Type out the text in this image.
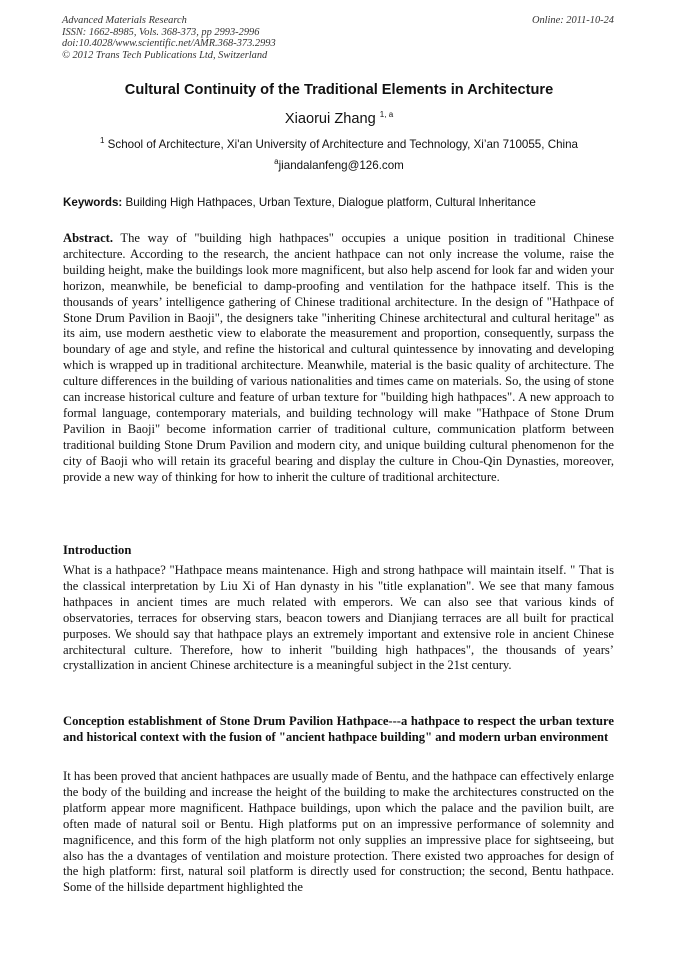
Advanced Materials Research
ISSN: 1662-8985, Vols. 368-373, pp 2993-2996
doi:10.4028/www.scientific.net/AMR.368-373.2993
© 2012 Trans Tech Publications Ltd, Switzerland
Online: 2011-10-24
Cultural Continuity of the Traditional Elements in Architecture
Xiaorui Zhang $^{1, a}$
$^1$ School of Architecture, Xi'an University of Architecture and Technology, Xi’an 710055, China
$^a$jiandalanfeng@126.com
Keywords: Building High Hathpaces, Urban Texture, Dialogue platform, Cultural Inheritance
Abstract. The way of "building high hathpaces" occupies a unique position in traditional Chinese architecture. According to the research, the ancient hathpace can not only increase the volume, raise the building height, make the buildings look more magnificent, but also help ascend for look far and widen your horizon, meanwhile, be beneficial to damp-proofing and ventilation for the hathpace itself. This is the thousands of years’ intelligence gathering of Chinese traditional architecture. In the design of "Hathpace of Stone Drum Pavilion in Baoji", the designers take "inheriting Chinese architectural and cultural heritage" as its aim, use modern aesthetic view to elaborate the measurement and proportion, consequently, surpass the boundary of age and style, and refine the historical and cultural quintessence by innovating and developing which is wrapped up in traditional architecture. Meanwhile, material is the basic quality of architecture. The culture differences in the building of various nationalities and times came on materials. So, the using of stone can increase historical culture and feature of urban texture for "building high hathpaces". A new approach to formal language, contemporary materials, and building technology will make "Hathpace of Stone Drum Pavilion in Baoji" become information carrier of traditional culture, communication platform between traditional building Stone Drum Pavilion and modern city, and unique building cultural phenomenon for the city of Baoji who will retain its graceful bearing and display the culture in Chou-Qin Dynasties, moreover, provide a new way of thinking for how to inherit the culture of traditional architecture.
Introduction
What is a hathpace? "Hathpace means maintenance. High and strong hathpace will maintain itself. " That is the classical interpretation by Liu Xi of Han dynasty in his "title explanation". We see that many famous hathpaces in ancient times are much related with emperors. We can also see that various kinds of observatories, terraces for observing stars, beacon towers and Dianjiang terraces are all built for practical purposes. We should say that hathpace plays an extremely important and extensive role in ancient Chinese architectural culture. Therefore, how to inherit "building high hathpaces", the thousands of years’ crystallization in ancient Chinese architecture is a meaningful subject in the 21st century.
Conception establishment of Stone Drum Pavilion Hathpace---a hathpace to respect the urban texture and historical context with the fusion of "ancient hathpace building" and modern urban environment
It has been proved that ancient hathpaces are usually made of Bentu, and the hathpace can effectively enlarge the body of the building and increase the height of the building to make the architectures constructed on the platform appear more magnificent. Hathpace buildings, upon which the palace and the pavilion built, are often made of natural soil or Bentu. High platforms put on an impressive performance of solemnity and magnificence, and this form of the high platform not only supplies an impressive place for sightseeing, but also has the a dvantages of ventilation and moisture protection. There existed two approaches for design of the high platform: first, natural soil platform is directly used for construction; the second, Bentu hathpace. Some of the hillside department highlighted the
